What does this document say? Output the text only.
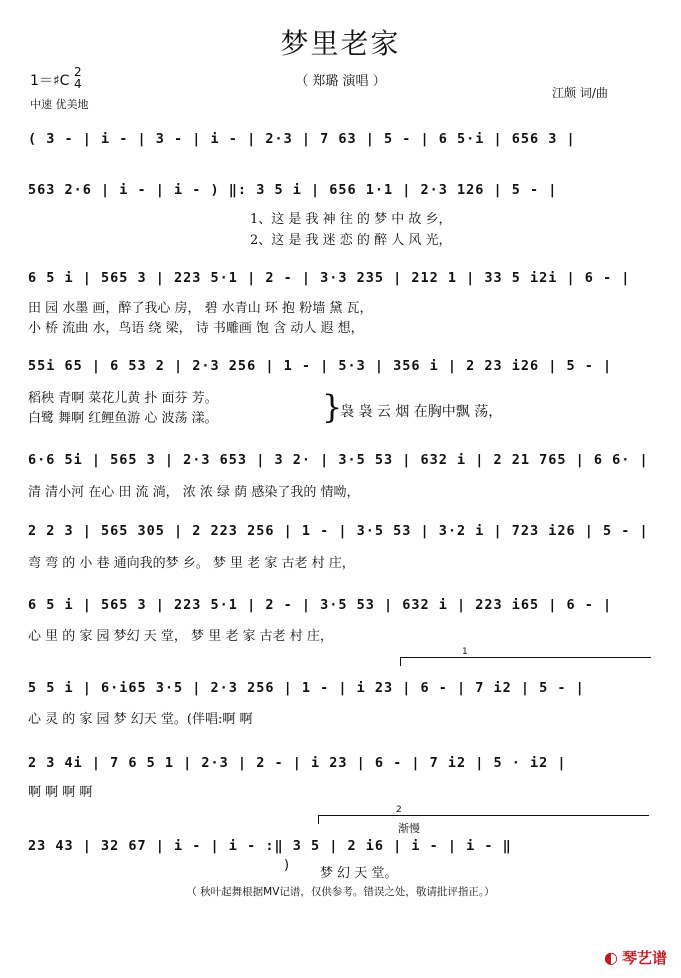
梦里老家
（ 郑璐 演唱 ）
1＝♯C
2
4
中速 优美地
江颇 词/曲
( 3 - | i - | 3 - | i - | 2·3 | 7 63 | 5 - | 6 5·i | 656 3 |
563 2·6 | i - | i - ) ‖: 3 5 i | 656 1·1 | 2·3 126 | 5 - |
1、这 是 我 神 往 的 梦 中 故 乡，
2、这 是 我 迷 恋 的 醉 人 风 光，
6 5 i | 565 3 | 223 5·1 | 2 - | 3·3 235 | 212 1 | 33 5 i2i | 6 - |
田 园 水墨 画，醉了我心 房， 碧 水青山 环 抱 粉墙 黛 瓦，
小 桥 流曲 水，鸟语 绕 梁， 诗 书雕画 饱 含 动人 遐 想，
55i 65 | 6 53 2 | 2·3 256 | 1 - | 5·3 | 356 i | 2 23 i26 | 5 - |
稻秧 青啊 菜花儿黄 扑 面芬 芳。
白鹭 舞啊 红鲤鱼游 心 波荡 漾。	}
袅 袅 云 烟 在胸中飘 荡，
6·6 5i | 565 3 | 2·3 653 | 3 2· | 3·5 53 | 632 i | 2 21 765 | 6 6· |
清 清小河 在心 田 流 淌， 浓 浓 绿 荫 感染了我的 情呦，
2 2 3 | 565 305 | 2 223 256 | 1 - | 3·5 53 | 3·2 i | 723 i26 | 5 - |
弯 弯 的 小 巷 通向我的梦 乡。 梦 里 老 家 古老 村 庄，
6 5 i | 565 3 | 223 5·1 | 2 - | 3·5 53 | 632 i | 223 i65 | 6 - |
心 里 的 家 园 梦幻 天 堂， 梦 里 老 家 古老 村 庄，
1
5 5 i | 6·i65 3·5 | 2·3 256 | 1 - | i 23 | 6 - | 7 i2 | 5 - |
心 灵 的 家 园 梦 幻天 堂。(伴唱:啊 啊
2 3 4i | 7 6 5 1 | 2·3 | 2 - | i 23 | 6 - | 7 i2 | 5 · i2 |
啊 啊 啊 啊
2
渐慢
23 43 | 32 67 | i - | i - :‖ 3 5 | 2 i6 | i - | i - ‖
)
梦 幻 天 堂。
（ 秋叶起舞根据MV记谱，仅供参考。错误之处，敬请批评指正。）
◐ 琴艺谱
